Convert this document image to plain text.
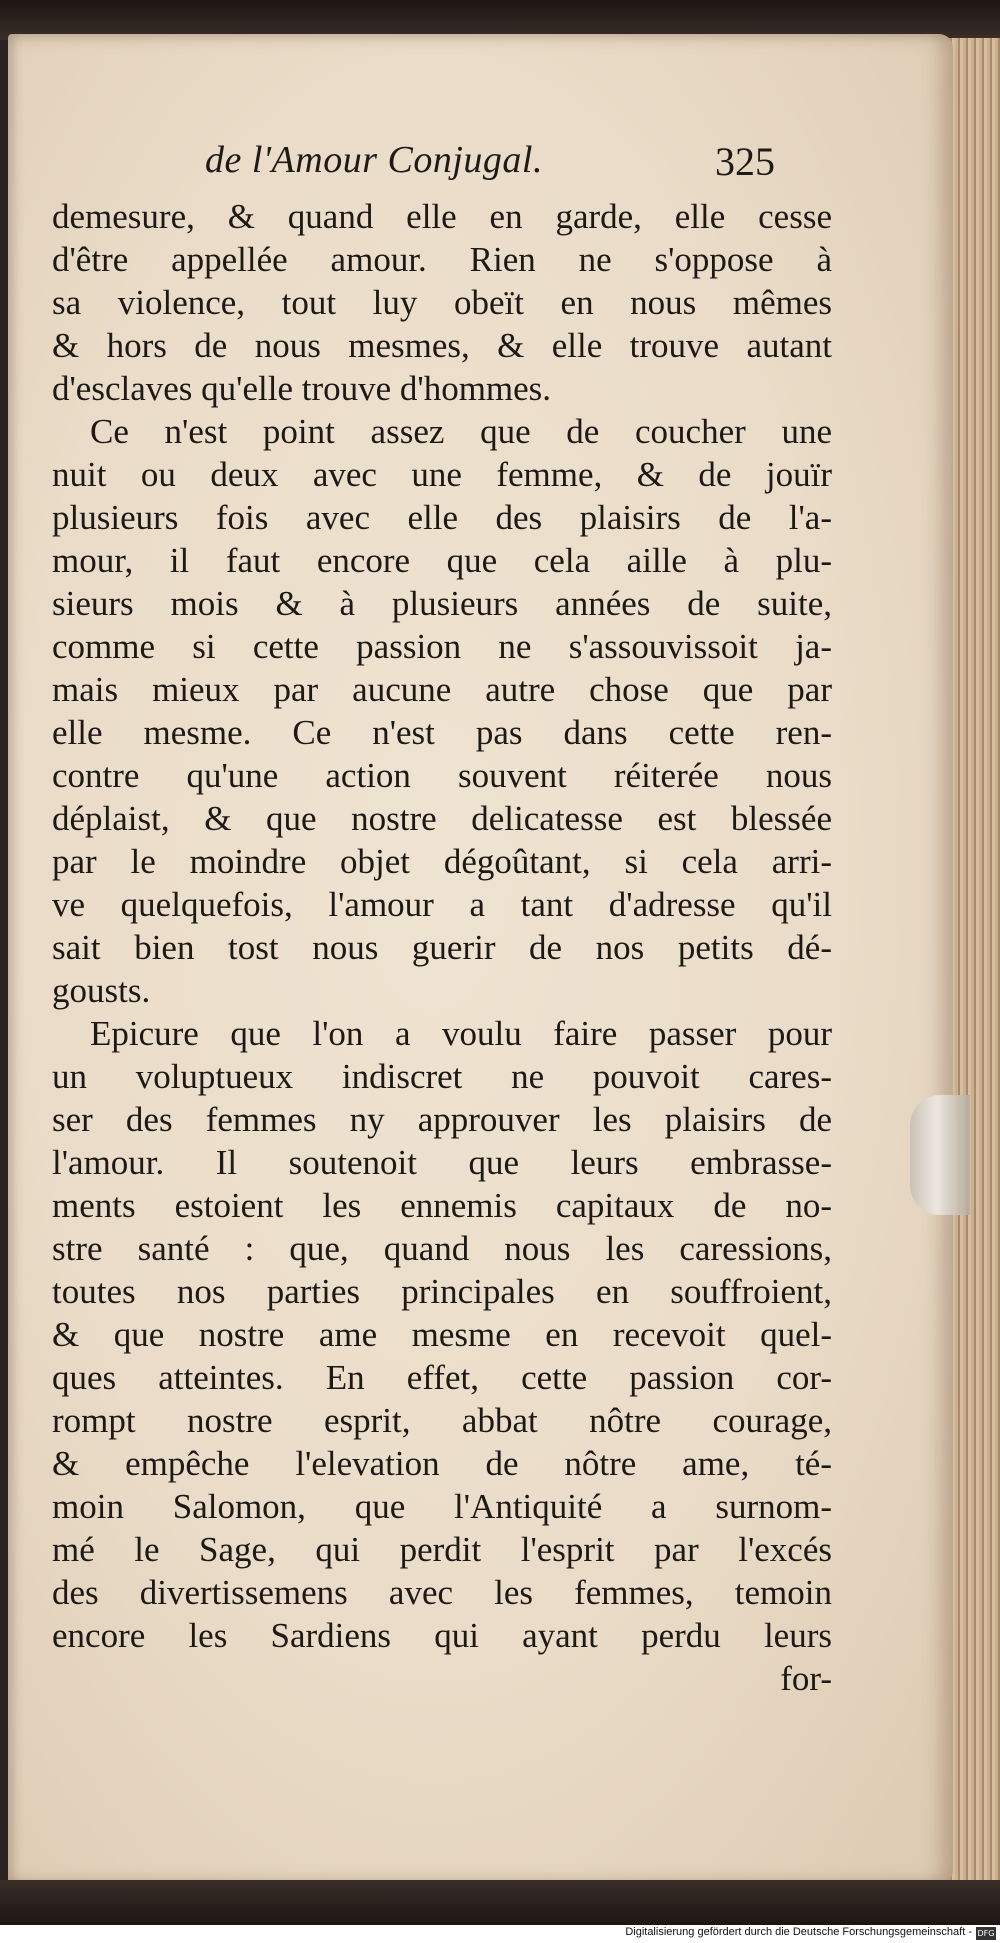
de l'Amour Conjugal.	325
demesure, & quand elle en garde, elle cesse
d'être appellée amour. Rien ne s'oppose à
sa violence, tout luy obeït en nous mêmes
& hors de nous mesmes, & elle trouve autant
d'esclaves qu'elle trouve d'hommes.
Ce n'est point assez que de coucher une
nuit ou deux avec une femme, & de jouïr
plusieurs fois avec elle des plaisirs de l'a-
mour, il faut encore que cela aille à plu-
sieurs mois & à plusieurs années de suite,
comme si cette passion ne s'assouvissoit ja-
mais mieux par aucune autre chose que par
elle mesme. Ce n'est pas dans cette ren-
contre qu'une action souvent réiterée nous
déplaist, & que nostre delicatesse est blessée
par le moindre objet dégoûtant, si cela arri-
ve quelquefois, l'amour a tant d'adresse qu'il
sait bien tost nous guerir de nos petits dé-
gousts.
Epicure que l'on a voulu faire passer pour
un voluptueux indiscret ne pouvoit cares-
ser des femmes ny approuver les plaisirs de
l'amour. Il soutenoit que leurs embrasse-
ments estoient les ennemis capitaux de no-
stre santé : que, quand nous les caressions,
toutes nos parties principales en souffroient,
& que nostre ame mesme en recevoit quel-
ques atteintes. En effet, cette passion cor-
rompt nostre esprit, abbat nôtre courage,
& empêche l'elevation de nôtre ame, té-
moin Salomon, que l'Antiquité a surnom-
mé le Sage, qui perdit l'esprit par l'excés
des divertissemens avec les femmes, temoin
encore les Sardiens qui ayant perdu leurs
for-
Digitalisierung gefördert durch die Deutsche Forschungsgemeinschaft - DFG
